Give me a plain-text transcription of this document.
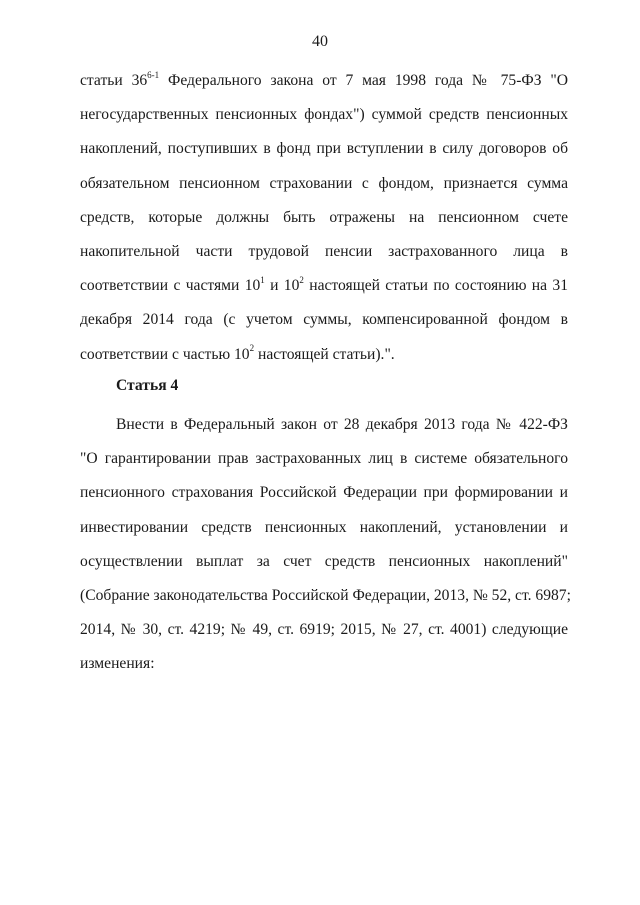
40
статьи 36$^{6-1}$ Федерального закона от 7 мая 1998 года № 75-ФЗ "О
негосударственных пенсионных фондах") суммой средств пенсионных
накоплений, поступивших в фонд при вступлении в силу договоров об
обязательном пенсионном страховании с фондом, признается сумма
средств, которые должны быть отражены на пенсионном счете
накопительной части трудовой пенсии застрахованного лица в
соответствии с частями $10^1$ и $10^2$ настоящей статьи по состоянию на 31
декабря 2014 года (с учетом суммы, компенсированной фондом в
соответствии с частью $10^2$ настоящей статьи).".
Статья 4
Внести в Федеральный закон от 28 декабря 2013 года № 422-ФЗ
"О гарантировании прав застрахованных лиц в системе обязательного
пенсионного страхования Российской Федерации при формировании и
инвестировании средств пенсионных накоплений, установлении и
осуществлении выплат за счет средств пенсионных накоплений"
(Собрание законодательства Российской Федерации, 2013, № 52, ст. 6987;
2014, № 30, ст. 4219; № 49, ст. 6919; 2015, № 27, ст. 4001) следующие
изменения:
